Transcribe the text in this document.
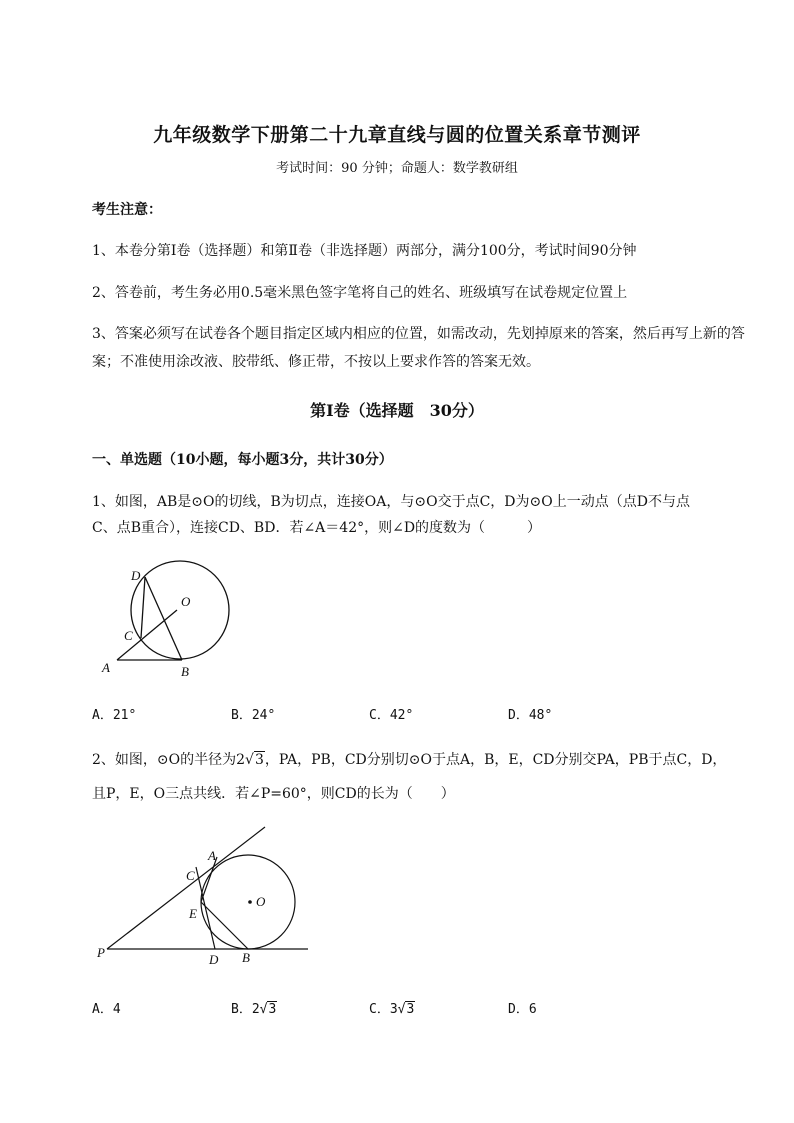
九年级数学下册第二十九章直线与圆的位置关系章节测评
考试时间：90 分钟；命题人：数学教研组
考生注意：
1、本卷分第Ⅰ卷（选择题）和第Ⅱ卷（非选择题）两部分，满分100分，考试时间90分钟
2、答卷前，考生务必用0.5毫米黑色签字笔将自己的姓名、班级填写在试卷规定位置上
3、答案必须写在试卷各个题目指定区域内相应的位置，如需改动，先划掉原来的答案，然后再写上新的答案；不准使用涂改液、胶带纸、修正带，不按以上要求作答的答案无效。
第Ⅰ卷（选择题　30分）
一、单选题（10小题，每小题3分，共计30分）
1、如图，AB是⊙O的切线，B为切点，连接OA，与⊙O交于点C，D为⊙O上一动点（点D不与点
C、点B重合），连接CD、BD．若∠A＝42°，则∠D的度数为（　　　）
D
O
C
A	B
A．21°	B．24°	C．42°	D．48°
2、如图，⊙O的半径为2√3，PA，PB，CD分别切⊙O于点A，B，E，CD分别交PA，PB于点C，D，
且P，E，O三点共线．若∠P=60°，则CD的长为（　　）
A
C
E
O
P	D B
A．4	B．2√3	C．3√3	D．6
